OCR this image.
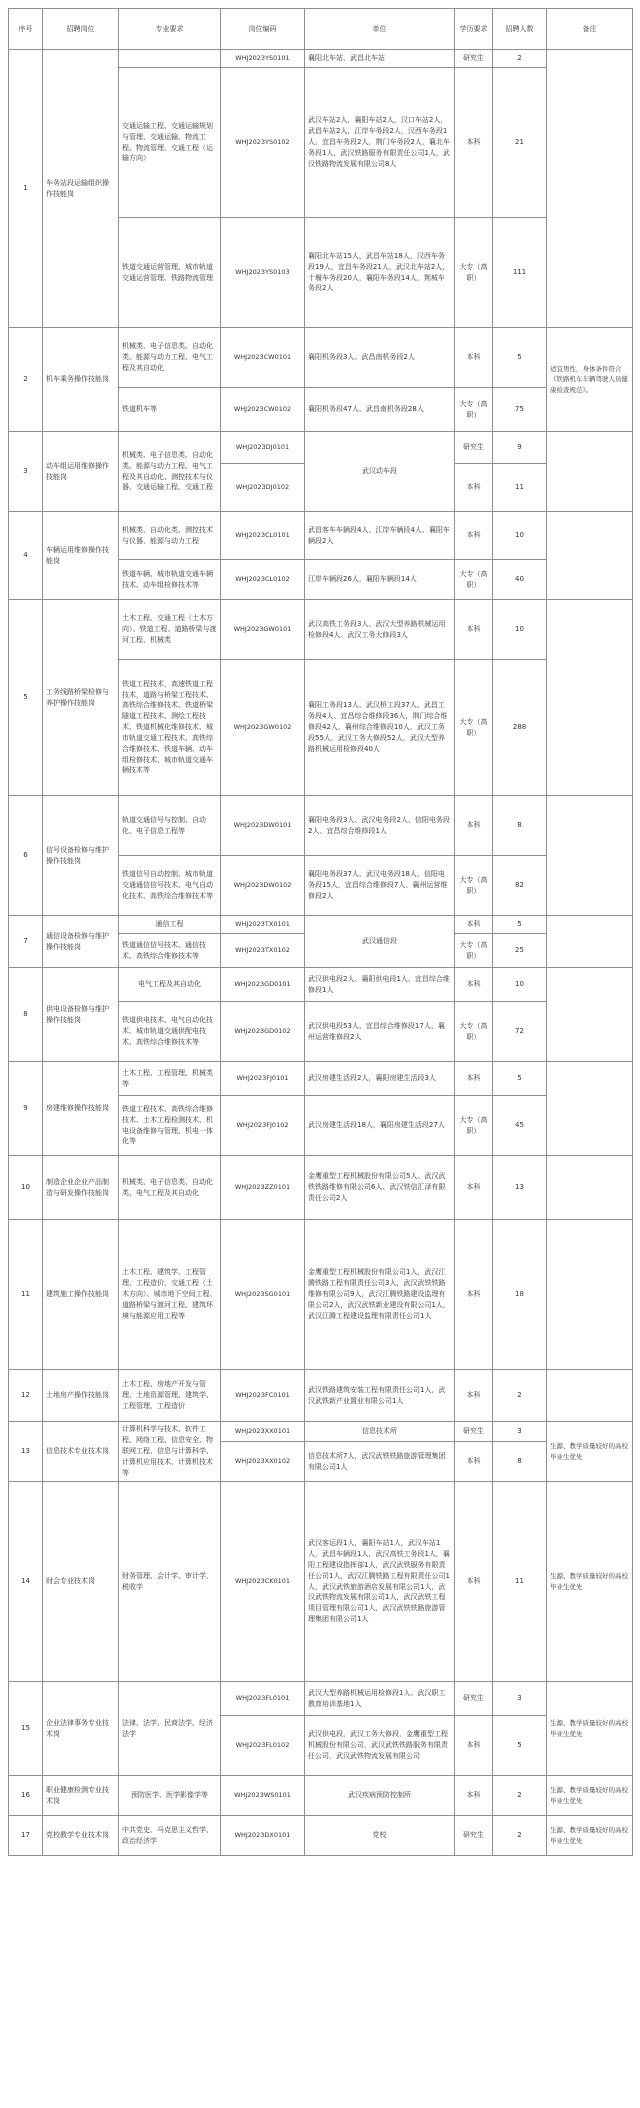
序号	招聘岗位	专业要求	岗位编码	单位	学历要求	招聘人数	备注
1	车务站段运输组织操作技能岗		WHJ2023YS0101	襄阳北车站、武昌北车站	研究生	2	
		交通运输工程、交通运输规划与管理、交通运输、物流工程、物流管理、交通工程（运输方向）	WHJ2023YS0102	武汉车站2人，襄阳车站2人，汉口车站2人，武昌车站2人，江岸车务段2人，汉西车务段1人，宜昌车务段2人，荆门车务段2人，襄北车务段1人，武汉铁路服务有限责任公司1人，武汉铁路物流发展有限公司8人	本科	21	
		铁道交通运营管理、城市轨道交通运营管理、铁路物流管理	WHJ2023YS0103	襄阳北车站15人，武昌车站18人，汉西车务段19人，宜昌车务段21人，武汉北车站2人，十堰车务段20人，襄阳车务段14人，荆城车务段2人	大专（高职）	111	
2	机车乘务操作技能岗	机械类、电子信息类、自动化类、能源与动力工程、电气工程及其自动化	WHJ2023CW0101	襄阳机务段3人、武昌南机务段2人	本科	5	适宜男性，身体条件符合《铁路机车车辆驾驶人员健康检查规范》。
		铁道机车等	WHJ2023CW0102	襄阳机务段47人、武昌南机务段28人	大专（高职）	75	
3	动车组运用维修操作技能岗	机械类、电子信息类、自动化类、能源与动力工程、电气工程及其自动化、测控技术与仪器、交通运输工程、交通工程	WHJ2023DJ0101	武汉动车段	研究生	9	
			WHJ2023DJ0102		本科	11	
4	车辆运用维修操作技能岗	机械类、自动化类、测控技术与仪器、能源与动力工程	WHJ2023CL0101	武昌客车车辆段4人、江岸车辆段4人、襄阳车辆段2人	本科	10	
		铁道车辆、城市轨道交通车辆技术、动车组检修技术等	WHJ2023CL0102	江岸车辆段26人，襄阳车辆段14人	大专（高职）	40	
5	工务线路桥梁检修与养护操作技能岗	土木工程、交通工程（土木方向）、铁道工程、道路桥梁与渡河工程、机械类	WHJ2023GW0101	武汉高铁工务段3人、武汉大型养路机械运用检修段4人、武汉工务大修段3人	本科	10	
		铁道工程技术，高速铁道工程技术，道路与桥梁工程技术、高铁综合维修技术、铁道桥梁隧道工程技术、测绘工程技术、铁道机械化维修技术、城市轨道交通工程技术、高铁综合维修技术、铁道车辆、动车组检修技术、城市轨道交通车辆技术等	WHJ2023GW0102	襄阳工务段13人、武汉桥工段37人、武昌工务段4人、宜昌综合维修段36人，荆门综合维修段42人，襄州综合维修段10人，武汉工务段55人，武汉工务大修段52人，武汉大型养路机械运用检修段40人	大专（高职）	288	
6	信号设备检修与维护操作技能岗	轨道交通信号与控制、自动化、电子信息工程等	WHJ2023DW0101	襄阳电务段3人、武汉电务段2人、信阳电务段2人、宜昌综合维修段1人	本科	8	
		铁道信号自动控制、城市轨道交通通信信号技术、电气自动化技术、高铁综合维修技术等	WHJ2023DW0102	襄阳电务段37人、武汉电务段18人，信阳电务段15人，宜昌综合维修段7人、襄州运营维修段2人	大专（高职）	82	
7	通信设备检修与维护操作技能岗	通信工程	WHJ2023TX0101	武汉通信段	本科	5	
		铁道通信信号技术、通信技术、高铁综合维修技术等	WHJ2023TX0102		大专（高职）	25	
8	供电设备检修与维护操作技能岗	电气工程及其自动化	WHJ2023GD0101	武汉供电段2人、襄阳供电段1人、宜昌综合维修段1人	本科	10	
		铁道供电技术、电气自动化技术、城市轨道交通供配电技术、高铁综合维修技术等	WHJ2023GD0102	武汉供电段53人、宜昌综合维修段17人、襄州运营维修段2人	大专（高职）	72	
9	房建维修操作技能岗	土木工程、工程管理、机械类等	WHJ2023FJ0101	武汉房建生活段2人，襄阳房建生活段3人	本科	5	
		铁道工程技术、高铁综合维修技术、土木工程检测技术、机电设备维修与管理、机电一体化等	WHJ2023FJ0102	武汉房建生活段18人，襄阳房建生活段27人	大专（高职）	45	
10	制造企业企业产品制造与研发操作技能岗	机械类、电子信息类、自动化类、电气工程及其自动化	WHJ2023ZZ0101	金鹰重型工程机械股份有限公司5人、武汉武铁铁路维修有限公司6人、武汉铁信汇泽有限责任公司2人	本科	13	
11	建筑施工操作技能岗	土木工程、建筑学、工程管理、工程造价、交通工程（土木方向）、城市地下空间工程、道路桥梁与渡河工程、建筑环境与能源应用工程等	WHJ2023SG0101	金鹰重型工程机械股份有限公司1人，武汉江腾铁路工程有限责任公司3人，武汉武铁铁路维修有限公司9人，武汉江腾铁路建设监理有限公司2人，武汉武铁新业建设有限公司1人，武汉江腾工程建设监理有限责任公司1人	本科	18	
12	土地房产操作技能岗	土木工程、房地产开发与管理、土地资源管理、建筑学、工程管理、工程造价	WHJ2023FC0101	武汉铁路建筑安装工程有限责任公司1人，武汉武铁新产业置业有限公司1人	本科	2	
13	信息技术专业技术岗	计算机科学与技术、软件工程、网络工程、信息安全、物联网工程、信息与计算科学、计算机应用技术、计算机技术等	WHJ2023XX0101	信息技术所	研究生	3	生源、教学质量较好的高校毕业生优先
			WHJ2023XX0102	信息技术所7人，武汉武铁铁路旅游管理集团有限公司1人	本科	8	
14	财会专业技术岗	财务管理、会计学、审计学、税收学	WHJ2023CK0101	武汉客运段1人，襄阳车站1人，武汉车站1人，武昌车辆段1人，武汉高铁工务段1人，襄阳工程建设指挥部1人，武汉武铁服务有限责任公司1人，武汉江腾铁路工程有限责任公司1人，武汉武铁旅游酒店发展有限公司1人，武汉武铁物流发展有限公司1人，武汉武铁工程项目管理有限公司1人，武汉武铁铁路旅游管理集团有限公司1人	本科	11	生源、教学质量较好的高校毕业生优先
15	企业法律事务专业技术岗	法律、法学、民商法学、经济法学	WHJ2023FL0101	武汉大型养路机械运用检修段1人、武汉职工教育培训基地1人	研究生	3	生源、教学质量较好的高校毕业生优先
			WHJ2023FL0102	武汉供电段，武汉工务大修段，金鹰重型工程机械股份有限公司，武汉武铁铁路服务有限责任公司，武汉武铁物流发展有限公司	本科	5	
16	职业健康检测专业技术岗	预防医学、医学影像学等	WHJ2023WS0101	武汉疾病预防控制所	本科	2	生源、教学质量较好的高校毕业生优先
17	党校教学专业技术岗	中共党史、马克思主义哲学、政治经济学	WHJ2023DX0101	党校	研究生	2	生源、教学质量较好的高校毕业生优先
